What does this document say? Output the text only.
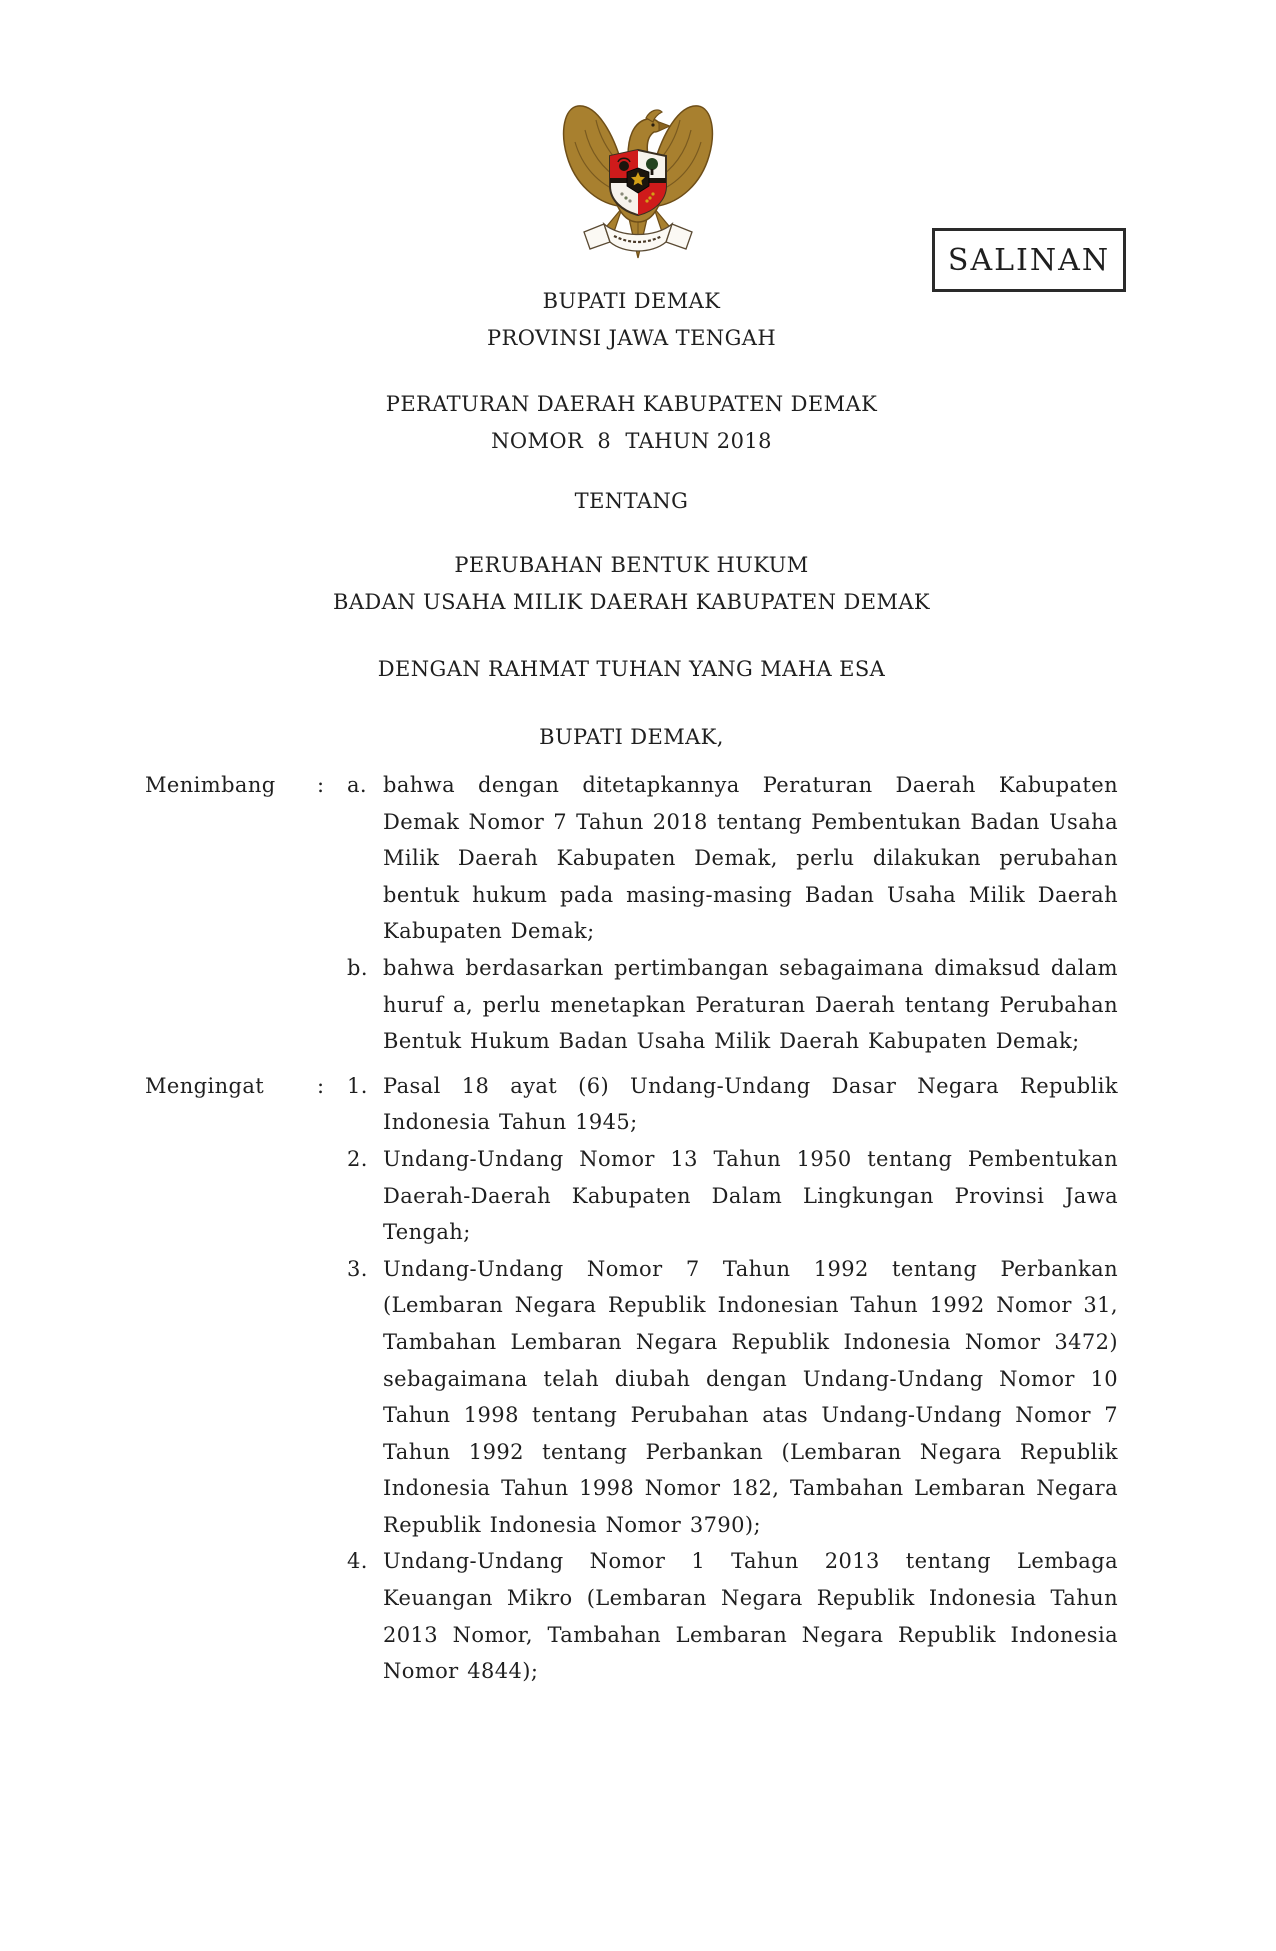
SALINAN
BUPATI DEMAK
PROVINSI JAWA TENGAH
PERATURAN DAERAH KABUPATEN DEMAK
NOMOR  8  TAHUN 2018
TENTANG
PERUBAHAN BENTUK HUKUM
BADAN USAHA MILIK DAERAH KABUPATEN DEMAK
DENGAN RAHMAT TUHAN YANG MAHA ESA
BUPATI DEMAK,
Menimbang	:	a. bahwa dengan ditetapkannya Peraturan Daerah Kabupaten Demak Nomor 7 Tahun 2018 tentang Pembentukan Badan Usaha Milik Daerah Kabupaten Demak, perlu dilakukan perubahan bentuk hukum pada masing-masing Badan Usaha Milik Daerah Kabupaten Demak;
b. bahwa berdasarkan pertimbangan sebagaimana dimaksud dalam huruf a, perlu menetapkan Peraturan Daerah tentang Perubahan Bentuk Hukum Badan Usaha Milik Daerah Kabupaten Demak;
Mengingat	:	1. Pasal 18 ayat (6) Undang-Undang Dasar Negara Republik Indonesia Tahun 1945;
2. Undang-Undang Nomor 13 Tahun 1950 tentang Pembentukan Daerah-Daerah Kabupaten Dalam Lingkungan Provinsi Jawa Tengah;
3. Undang-Undang Nomor 7 Tahun 1992 tentang Perbankan (Lembaran Negara Republik Indonesian Tahun 1992 Nomor 31, Tambahan Lembaran Negara Republik Indonesia Nomor 3472) sebagaimana telah diubah dengan Undang-Undang Nomor 10 Tahun 1998 tentang Perubahan atas Undang-Undang Nomor 7 Tahun 1992 tentang Perbankan (Lembaran Negara Republik Indonesia Tahun 1998 Nomor 182, Tambahan Lembaran Negara Republik Indonesia Nomor 3790);
4. Undang-Undang Nomor 1 Tahun 2013 tentang Lembaga Keuangan Mikro (Lembaran Negara Republik Indonesia Tahun 2013 Nomor, Tambahan Lembaran Negara Republik Indonesia Nomor 4844);
